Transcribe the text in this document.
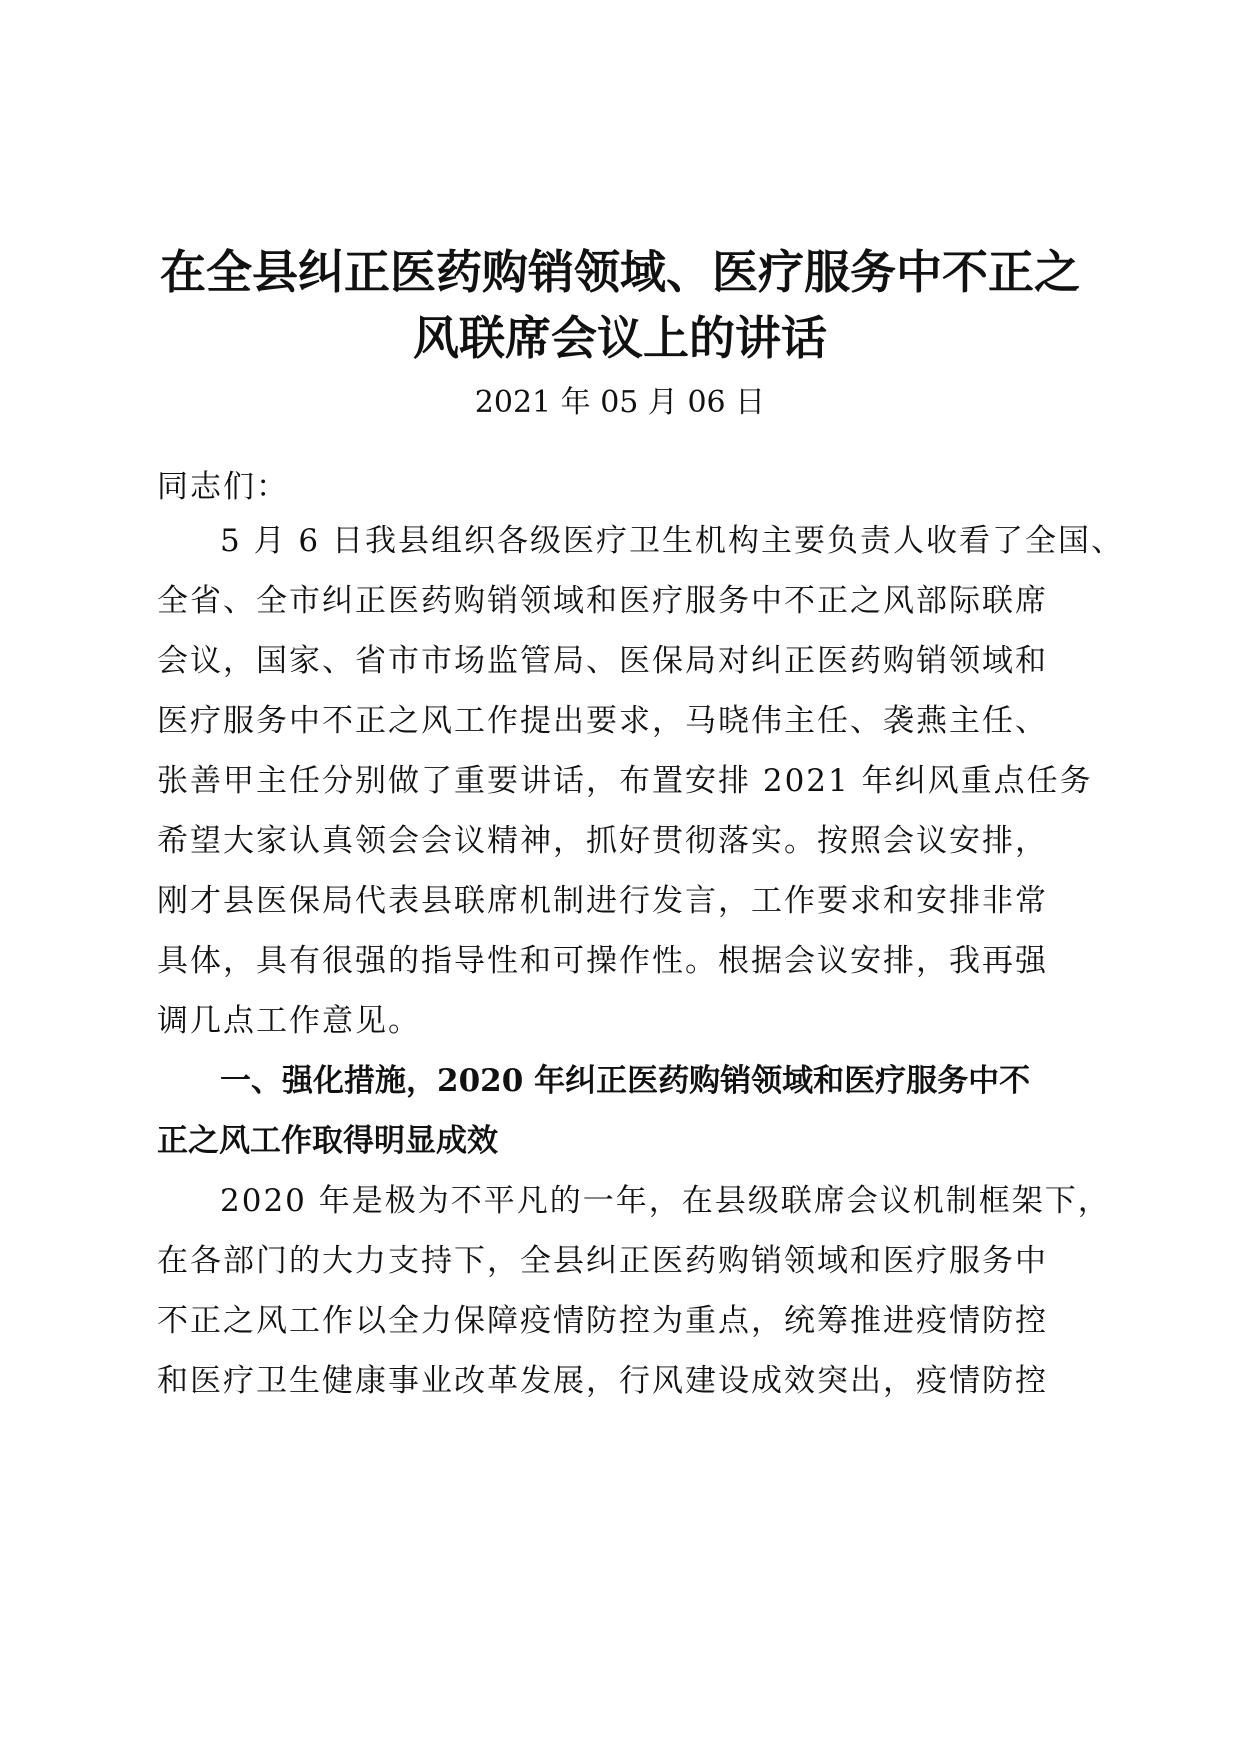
在全县纠正医药购销领域、医疗服务中不正之
风联席会议上的讲话
2021 年 05 月 06 日
同志们：
5 月 6 日我县组织各级医疗卫生机构主要负责人收看了全国、
全省、全市纠正医药购销领域和医疗服务中不正之风部际联席
会议，国家、省市市场监管局、医保局对纠正医药购销领域和
医疗服务中不正之风工作提出要求，马晓伟主任、袭燕主任、
张善甲主任分别做了重要讲话，布置安排 2021 年纠风重点任务
希望大家认真领会会议精神，抓好贯彻落实。按照会议安排，
刚才县医保局代表县联席机制进行发言，工作要求和安排非常
具体，具有很强的指导性和可操作性。根据会议安排，我再强
调几点工作意见。
一、强化措施，2020 年纠正医药购销领域和医疗服务中不
正之风工作取得明显成效
2020 年是极为不平凡的一年，在县级联席会议机制框架下，
在各部门的大力支持下，全县纠正医药购销领域和医疗服务中
不正之风工作以全力保障疫情防控为重点，统筹推进疫情防控
和医疗卫生健康事业改革发展，行风建设成效突出，疫情防控
